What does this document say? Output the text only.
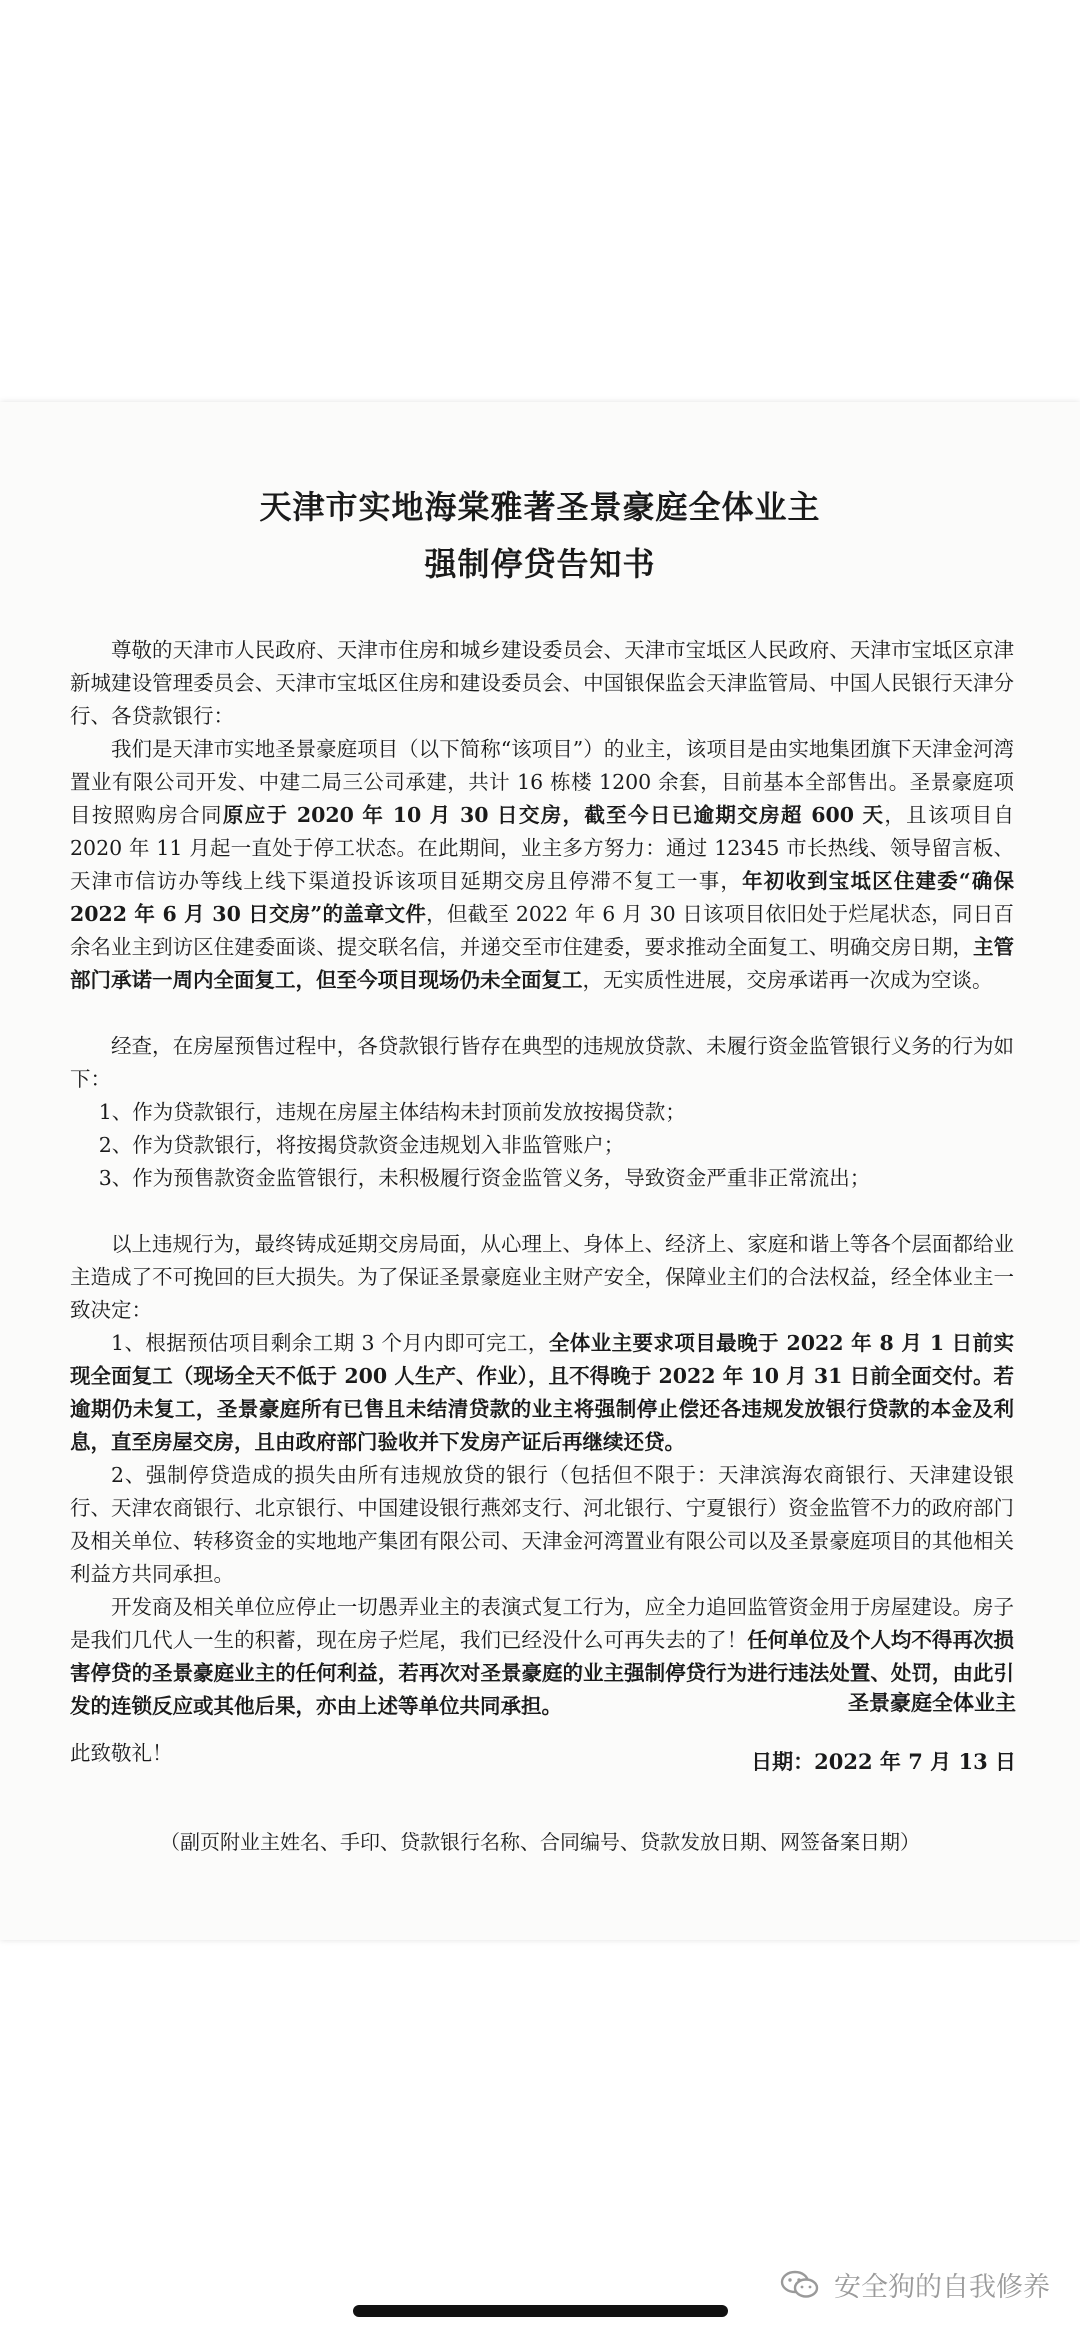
天津市实地海棠雅著圣景豪庭全体业主
强制停贷告知书

尊敬的天津市人民政府、天津市住房和城乡建设委员会、天津市宝坻区人民政府、天津市宝坻区京津新城建设管理委员会、天津市宝坻区住房和建设委员会、中国银保监会天津监管局、中国人民银行天津分行、各贷款银行：

我们是天津市实地圣景豪庭项目（以下简称“该项目”）的业主，该项目是由实地集团旗下天津金河湾置业有限公司开发、中建二局三公司承建，共计 16 栋楼 1200 余套，目前基本全部售出。圣景豪庭项目按照购房合同原应于 2020 年 10 月 30 日交房，截至今日已逾期交房超 600 天，且该项目自 2020 年 11 月起一直处于停工状态。在此期间，业主多方努力：通过 12345 市长热线、领导留言板、天津市信访办等线上线下渠道投诉该项目延期交房且停滞不复工一事，年初收到宝坻区住建委“确保 2022 年 6 月 30 日交房”的盖章文件，但截至 2022 年 6 月 30 日该项目依旧处于烂尾状态，同日百余名业主到访区住建委面谈、提交联名信，并递交至市住建委，要求推动全面复工、明确交房日期，主管部门承诺一周内全面复工，但至今项目现场仍未全面复工，无实质性进展，交房承诺再一次成为空谈。

经查，在房屋预售过程中，各贷款银行皆存在典型的违规放贷款、未履行资金监管银行义务的行为如下：

1、作为贷款银行，违规在房屋主体结构未封顶前发放按揭贷款；

2、作为贷款银行，将按揭贷款资金违规划入非监管账户；

3、作为预售款资金监管银行，未积极履行资金监管义务，导致资金严重非正常流出；

以上违规行为，最终铸成延期交房局面，从心理上、身体上、经济上、家庭和谐上等各个层面都给业主造成了不可挽回的巨大损失。为了保证圣景豪庭业主财产安全，保障业主们的合法权益，经全体业主一致决定：

1、根据预估项目剩余工期 3 个月内即可完工，全体业主要求项目最晚于 2022 年 8 月 1 日前实现全面复工（现场全天不低于 200 人生产、作业），且不得晚于 2022 年 10 月 31 日前全面交付。若逾期仍未复工，圣景豪庭所有已售且未结清贷款的业主将强制停止偿还各违规发放银行贷款的本金及利息，直至房屋交房，且由政府部门验收并下发房产证后再继续还贷。

2、强制停贷造成的损失由所有违规放贷的银行（包括但不限于：天津滨海农商银行、天津建设银行、天津农商银行、北京银行、中国建设银行燕郊支行、河北银行、宁夏银行）资金监管不力的政府部门及相关单位、转移资金的实地地产集团有限公司、天津金河湾置业有限公司以及圣景豪庭项目的其他相关利益方共同承担。

开发商及相关单位应停止一切愚弄业主的表演式复工行为，应全力追回监管资金用于房屋建设。房子是我们几代人一生的积蓄，现在房子烂尾，我们已经没什么可再失去的了！任何单位及个人均不得再次损害停贷的圣景豪庭业主的任何利益，若再次对圣景豪庭的业主强制停贷行为进行违法处置、处罚，由此引发的连锁反应或其他后果，亦由上述等单位共同承担。

此致敬礼！

圣景豪庭全体业主
日期：2022 年 7 月 13 日
（副页附业主姓名、手印、贷款银行名称、合同编号、贷款发放日期、网签备案日期）
安全狗的自我修养
